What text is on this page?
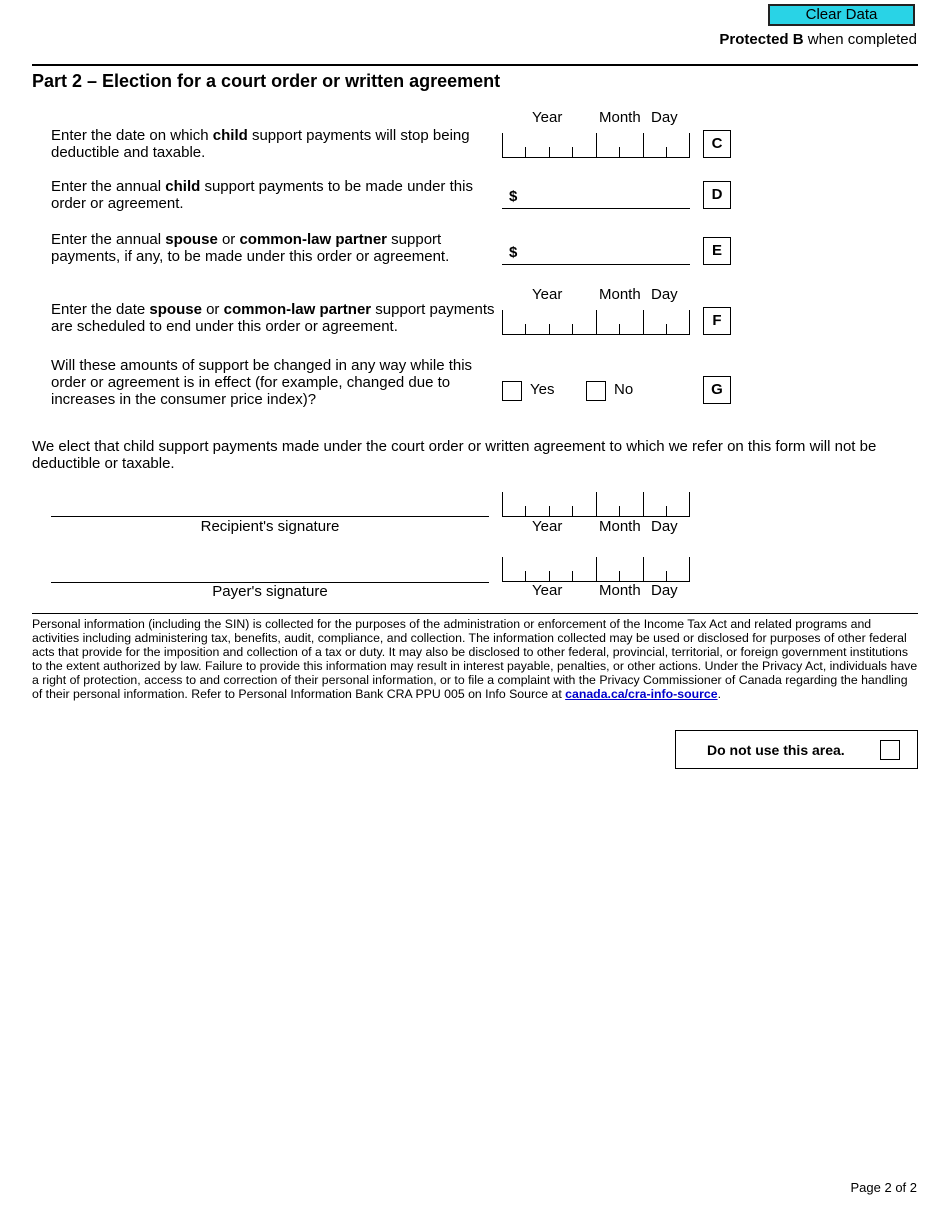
Clear Data
Protected B when completed
Part 2 – Election for a court order or written agreement
Year Month Day
Enter the date on which child support payments will stop being deductible and taxable.
C
Enter the annual child support payments to be made under this order or agreement.	$	D
Enter the annual spouse or common-law partner support payments, if any, to be made under this order or agreement.	$	E
Year Month Day
Enter the date spouse or common-law partner support payments are scheduled to end under this order or agreement.	F
Will these amounts of support be changed in any way while this order or agreement is in effect (for example, changed due to increases in the consumer price index)?
Yes	No	G
We elect that child support payments made under the court order or written agreement to which we refer on this form will not be deductible or taxable.
Recipient's signature	Year Month Day
Payer's signature	Year Month Day
Personal information (including the SIN) is collected for the purposes of the administration or enforcement of the Income Tax Act and related programs and activities including administering tax, benefits, audit, compliance, and collection. The information collected may be used or disclosed for purposes of other federal acts that provide for the imposition and collection of a tax or duty. It may also be disclosed to other federal, provincial, territorial, or foreign government institutions to the extent authorized by law. Failure to provide this information may result in interest payable, penalties, or other actions. Under the Privacy Act, individuals have a right of protection, access to and correction of their personal information, or to file a complaint with the Privacy Commissioner of Canada regarding the handling of their personal information. Refer to Personal Information Bank CRA PPU 005 on Info Source at canada.ca/cra-info-source.
Do not use this area.
Page 2 of 2
